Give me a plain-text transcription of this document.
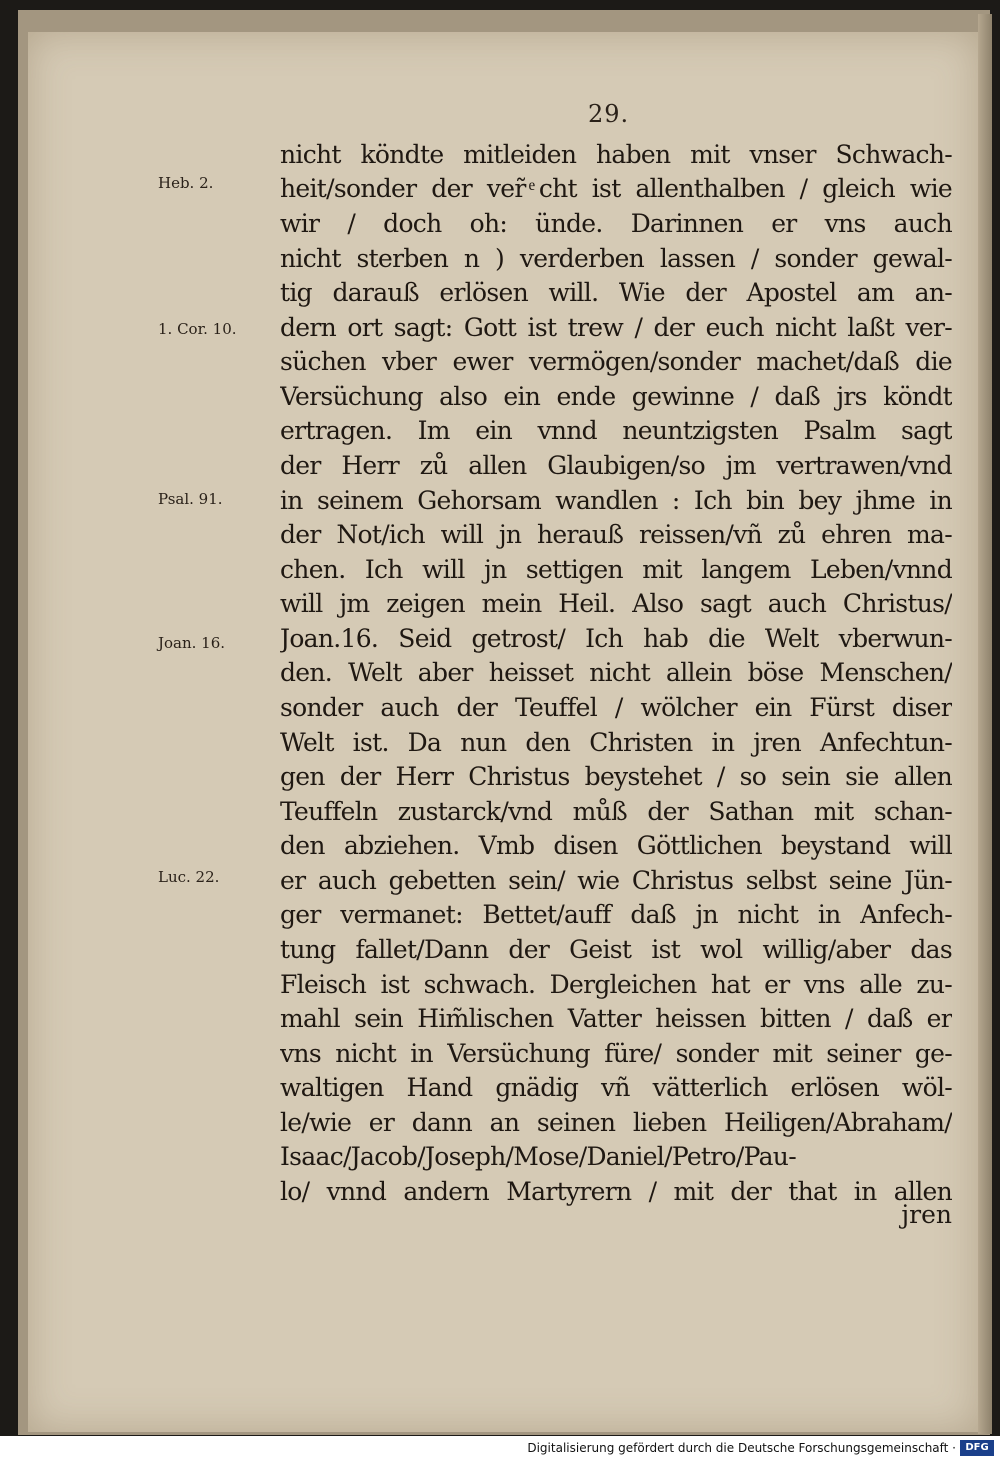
29.
Heb. 2.
1. Cor. 10.
Psal. 91.
Joan. 16.
Luc. 22.
nicht köndte mitleiden haben mit vnser Schwach-
heit/sonder der ver̃ ͤcht ist allenthalben / gleich wie
wir / doch oh: ünde. Darinnen er vns auch
nicht sterben n ) verderben lassen / sonder gewal-
tig darauß erlösen will. Wie der Apostel am an-
dern ort sagt: Gott ist trew / der euch nicht laßt ver-
süchen vber ewer vermögen/sonder machet/daß die
Versüchung also ein ende gewinne / daß jrs köndt
ertragen. Im ein vnnd neuntzigsten Psalm sagt
der Herr zů allen Glaubigen/so jm vertrawen/vnd
in seinem Gehorsam wandlen : Ich bin bey jhme in
der Not/ich will jn herauß reissen/vñ zů ehren ma-
chen. Ich will jn settigen mit langem Leben/vnnd
will jm zeigen mein Heil. Also sagt auch Christus/
Joan.16. Seid getrost/ Ich hab die Welt vberwun-
den. Welt aber heisset nicht allein böse Menschen/
sonder auch der Teuffel / wölcher ein Fürst diser
Welt ist. Da nun den Christen in jren Anfechtun-
gen der Herr Christus beystehet / so sein sie allen
Teuffeln zustarck/vnd můß der Sathan mit schan-
den abziehen. Vmb disen Göttlichen beystand will
er auch gebetten sein/ wie Christus selbst seine Jün-
ger vermanet: Bettet/auff daß jn nicht in Anfech-
tung fallet/Dann der Geist ist wol willig/aber das
Fleisch ist schwach. Dergleichen hat er vns alle zu-
mahl sein Him̃lischen Vatter heissen bitten / daß er
vns nicht in Versüchung füre/ sonder mit seiner ge-
waltigen Hand gnädig vñ vätterlich erlösen wöl-
le/wie er dann an seinen lieben Heiligen/Abraham/
Isaac/Jacob/Joseph/Mose/Daniel/Petro/Pau-
lo/ vnnd andern Martyrern / mit der that in allen
jren
Digitalisierung gefördert durch die Deutsche Forschungsgemeinschaft · DFG
